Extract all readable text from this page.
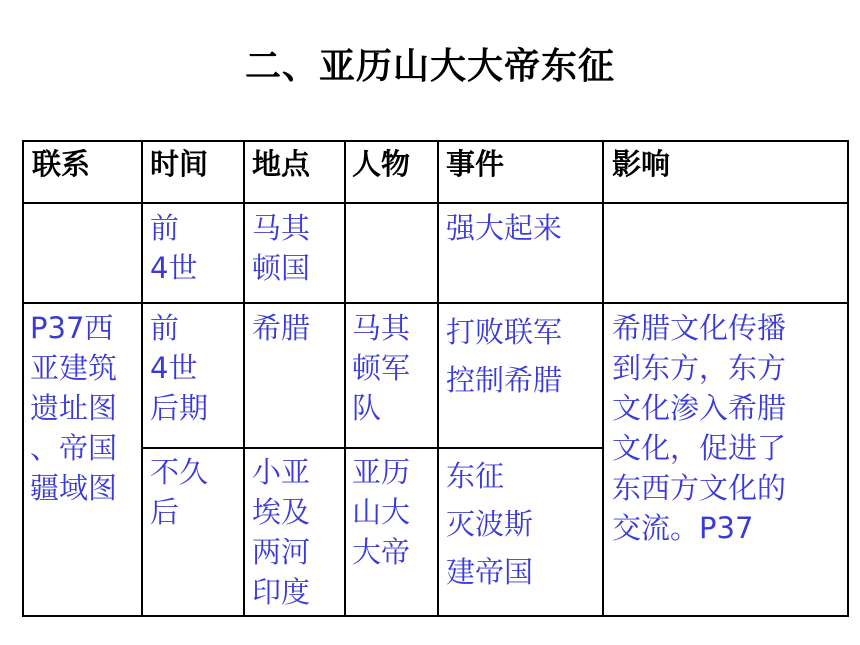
二、亚历山大大帝东征
联系 时间 地点 人物 事件	影响
前
4世
马其
顿国
强大起来
P37西
亚建筑
遗址图
、帝国
疆域图
前
4世
后期
希腊 马其
顿军
队
打败联军
控制希腊
希腊文化传播
到东方，东方
文化渗入希腊
文化，促进了
东西方文化的
交流。P37
不久
后
小亚
埃及
两河
印度
亚历
山大
大帝
东征
灭波斯
建帝国
